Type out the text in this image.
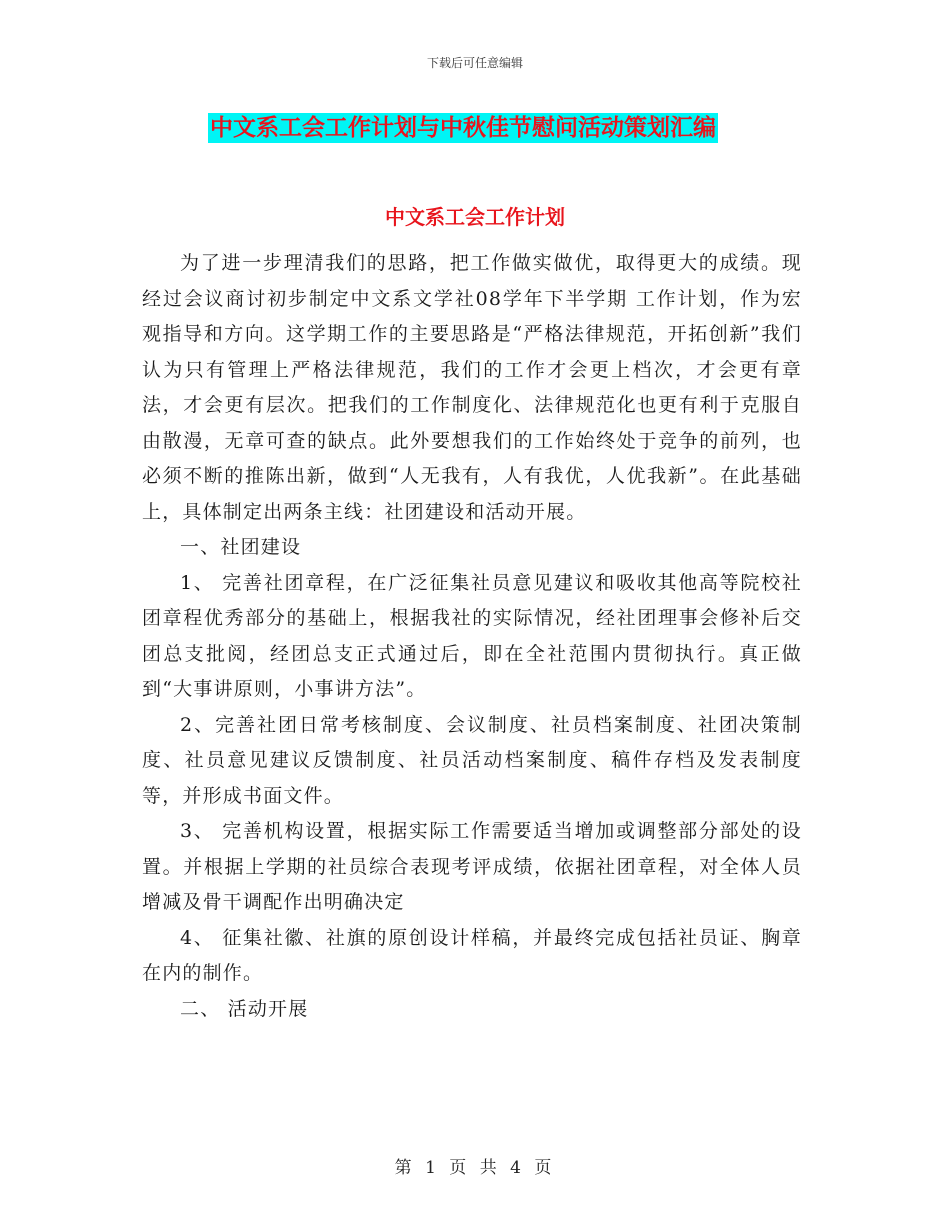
下载后可任意编辑
中文系工会工作计划与中秋佳节慰问活动策划汇编
中文系工会工作计划

为了进一步理清我们的思路，把工作做实做优，取得更大的成绩。现经过会议商讨初步制定中文系文学社08学年下半学期 工作计划，作为宏观指导和方向。这学期工作的主要思路是“严格法律规范，开拓创新”我们认为只有管理上严格法律规范，我们的工作才会更上档次，才会更有章法，才会更有层次。把我们的工作制度化、法律规范化也更有利于克服自由散漫，无章可查的缺点。此外要想我们的工作始终处于竞争的前列，也必须不断的推陈出新，做到“人无我有，人有我优，人优我新”。在此基础上，具体制定出两条主线：社团建设和活动开展。

一、社团建设

1、 完善社团章程，在广泛征集社员意见建议和吸收其他高等院校社团章程优秀部分的基础上，根据我社的实际情况，经社团理事会修补后交团总支批阅，经团总支正式通过后，即在全社范围内贯彻执行。真正做到“大事讲原则，小事讲方法”。

2、完善社团日常考核制度、会议制度、社员档案制度、社团决策制度、社员意见建议反馈制度、社员活动档案制度、稿件存档及发表制度等，并形成书面文件。

3、 完善机构设置，根据实际工作需要适当增加或调整部分部处的设置。并根据上学期的社员综合表现考评成绩，依据社团章程，对全体人员增减及骨干调配作出明确决定

4、 征集社徽、社旗的原创设计样稿，并最终完成包括社员证、胸章在内的制作。

二、 活动开展

第 1 页 共 4 页
